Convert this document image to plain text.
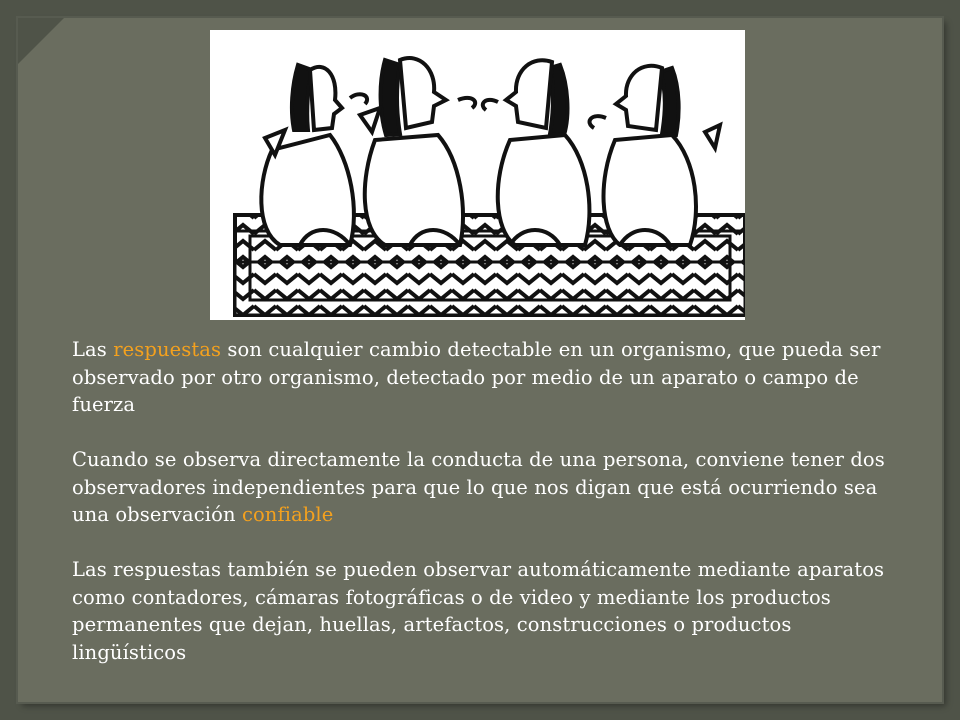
Las respuestas son cualquier cambio detectable en un organismo, que pueda ser observado por otro organismo, detectado por medio de un aparato o campo de fuerza

Cuando se observa directamente la conducta de una persona, conviene tener dos observadores independientes para que lo que nos digan que está ocurriendo sea una observación confiable

Las respuestas también se pueden observar automáticamente mediante aparatos como contadores, cámaras fotográficas o de video y mediante los productos permanentes que dejan, huellas, artefactos, construcciones o productos lingüísticos
